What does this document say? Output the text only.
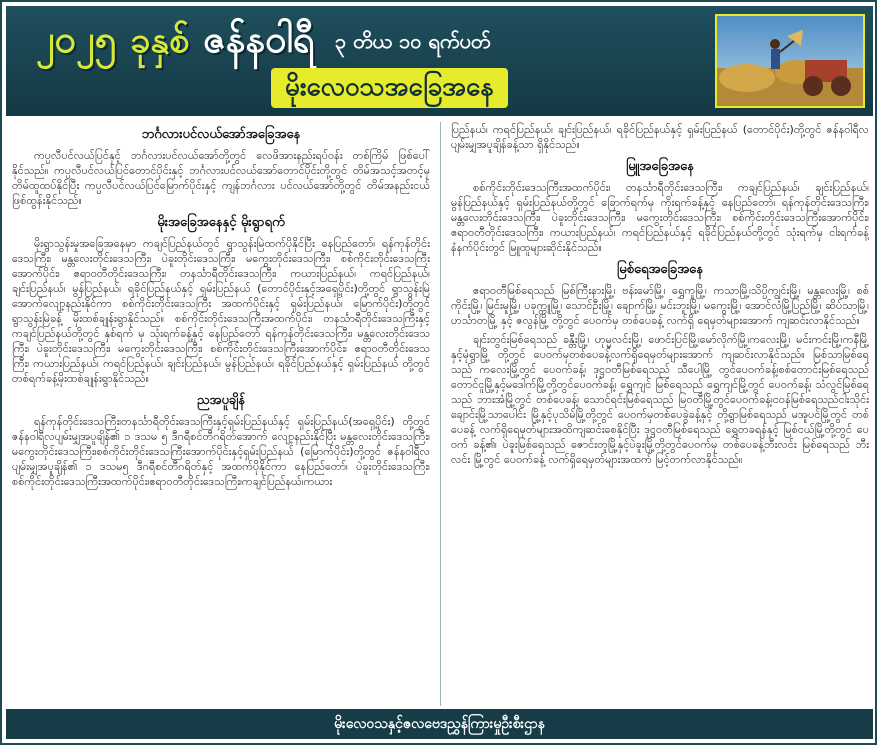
၂၀၂၅ ခုနှစ် ဇန်နဝါရီ ၃ တိယ ၁၀ ရက်ပတ်
မိုးလေဝသအခြေအနေ
ဘင်္ဂလားပင်လယ်အော်အခြေအနေ

ကပ္ပလီပင်လယ်ပြင်နှင့် ဘင်္ဂလားပင်လယ်အော်တို့တွင် လေဖိအားနည်းရပ်ဝန်း တစ်ကြိမ် ဖြစ်ပေါ်နိုင်သည်။ ကပ္ပလီပင်လယ်ပြင်တောင်ပိုင်းနှင့် ဘင်္ဂလားပင်လယ်အော်တောင်ပိုင်းတို့တွင် တိမ်အသင့်အတင့်မှတိမ်ထူထပ်နိုင်ပြီး ကပ္ပလီပင်လယ်ပြင်မြောက်ပိုင်းနှင့် ကျန်ဘင်္ဂလား ပင်လယ်အော်တို့တွင် တိမ်အနည်းငယ်ဖြစ်ထွန်းနိုင်သည်။

မိုးအခြေအနေနှင့် မိုးရွာရက်

မိုးရွာသွန်းမှုအခြေအနေမှာ ကချင်ပြည်နယ်တွင် ရွာသွန်းမြဲထက်ပိုနိုင်ပြီး နေပြည်တော်၊ ရန်ကုန်တိုင်းဒေသကြီး၊ မန္တလေးတိုင်းဒေသကြီး၊ ပဲခူးတိုင်းဒေသကြီး၊ မကွေးတိုင်းဒေသကြီး၊ စစ်ကိုင်းတိုင်းဒေသကြီးအောက်ပိုင်း၊ ဧရာဝတီတိုင်းဒေသကြီး၊ တနင်္သာရီတိုင်းဒေသကြီး၊ ကယားပြည်နယ်၊ ကရင်ပြည်နယ်၊ ချင်းပြည်နယ်၊ မွန်ပြည်နယ်၊ ရခိုင်ပြည်နယ်နှင့် ရှမ်းပြည်နယ် (တောင်ပိုင်းနှင့်အရှေ့ပိုင်း)တို့တွင် ရွာသွန်းမြဲအောက်လျော့နည်းနိုင်ကာ စစ်ကိုင်းတိုင်းဒေသကြီး အထက်ပိုင်းနှင့် ရှမ်းပြည်နယ်၊ မြောက်ပိုင်း)တို့တွင် ရွာသွန်းမြဲခန့် မိုးထစ်ချုန်းရွာနိုင်သည်။ စစ်ကိုင်းတိုင်းဒေသကြီးအထက်ပိုင်း၊ တနင်္သာရီတိုင်းဒေသကြီးနှင့်ကချင်ပြည်နယ်တို့တွင် နှစ်ရက် မှ သုံးရက်ခန့်နှင့် နေပြည်တော် ရန်ကုန်တိုင်းဒေသကြီး၊ မန္တလေးတိုင်းဒေသကြီး၊ ပဲခူးတိုင်းဒေသကြီး၊ မကွေးတိုင်းဒေသကြီး၊ စစ်ကိုင်းတိုင်းဒေသကြီးအောက်ပိုင်း၊ ဧရာဝတီတိုင်းဒေသကြီး၊ ကယားပြည်နယ်၊ ကရင်ပြည်နယ်၊ ချင်းပြည်နယ်၊ မွန်ပြည်နယ်၊ ရခိုင်ပြည်နယ်နှင့် ရှမ်းပြည်နယ် တို့တွင် တစ်ရက်ခန့်မိုးထစ်ချုန်းရွာနိုင်သည်။

ညအပူချိန်

ရန်ကုန်တိုင်းဒေသကြီး၊တနင်္သာရီတိုင်းဒေသကြီးနှင့်ရှမ်းပြည်နယ်နှင့် ရှမ်းပြည်နယ်(အရှေ့ပိုင်း) တို့တွင် ဇန်နဝါရီလပျမ်းမျှအပူချိန်၏ ၁ ဒသမ ၅ ဒီဂရီစင်တီဂရိတ်အောက် လျော့နည်းနိုင်ပြီး မန္တလေးတိုင်းဒေသကြီး၊ မကွေးတိုင်းဒေသကြီး၊စစ်ကိုင်းတိုင်းဒေသကြီးအောက်ပိုင်းနှင့်ရှမ်းပြည်နယ် (မြောက်ပိုင်း)တို့တွင် ဇန်နဝါရီလပျမ်းမျှအပူချိန်၏ ၁ ဒသမ၅ ဒီဂရီစင်တီဂရိတ်နှင့် အထက်ပိုနိုင်ကာ နေပြည်တော်၊ ပဲခူးတိုင်းဒေသကြီး၊ စစ်ကိုင်းတိုင်းဒေသကြီးအထက်ပိုင်း၊ဧရာဝတီတိုင်းဒေသကြီး၊ကချင်ပြည်နယ်၊ကယား

ပြည်နယ်၊ ကရင်ပြည်နယ်၊ ချင်းပြည်နယ်၊ ရခိုင်ပြည်နယ်နှင့် ရှမ်းပြည်နယ် (တောင်ပိုင်း)တို့တွင် ဇန်နဝါရီလပျမ်းမျှအပူချိန်ခန့်သာ ရှိနိုင်သည်။

မြူအခြေအနေ

စစ်ကိုင်းတိုင်းဒေသကြီးအထက်ပိုင်း၊ တနင်္သာရီတိုင်းဒေသကြီး၊ ကချင်ပြည်နယ်၊ ချင်းပြည်နယ်၊ မွန်ပြည်နယ်နှင့် ရှမ်းပြည်နယ်တို့တွင် ခြောက်ရက်မှ ကိုးရက်ခန့်နှင့် နေပြည်တော်၊ ရန်ကုန်တိုင်းဒေသကြီး၊ မန္တလေးတိုင်းဒေသကြီး၊ ပဲခူးတိုင်းဒေသကြီး၊ မကွေးတိုင်းဒေသကြီး၊ စစ်ကိုင်းတိုင်းဒေသကြီးအောက်ပိုင်း၊ ဧရာဝတီတိုင်းဒေသကြီး၊ ကယားပြည်နယ်၊ ကရင်ပြည်နယ်နှင့် ရခိုင်ပြည်နယ်တို့တွင် သုံးရက်မှ ငါးရက်ခန့်နံနက်ပိုင်းတွင် မြူထူများဆိုင်းနိုင်သည်။

မြစ်ရေအခြေအနေ

ဧရာဝတီမြစ်ရေသည် မြစ်ကြီးနားမြို့၊ ဗန်းမော်မြို့၊ ရွှေကူမြို့၊ ကသာမြို့၊သိပ္ပိကျွင်းမြို့၊ မန္တလေးမြို့၊ စစ်ကိုင်းမြို့၊ မြင်းမူမြို့၊ ပခုက္ကူမြို့၊ သောင်ဦးမြို့၊ ချောက်မြို့၊ မင်းဘူးမြို့၊ မကွေးမြို့၊ အောင်လံမြို့ပြည်မြို့၊ ဆိပ်သာမြို့၊ ဟင်္သာတမြို့ နှင့် ဇလွန်မြို့ တို့တွင် ပေဝက်မှ တစ်ပေခန့် လက်ရှိ ရေမှတ်များအောက် ကျဆင်းလာနိုင်သည်။

ချင်းတွင်းမြစ်ရေသည် ခန္တီးမြို့၊ ဟုမ္မလင်းမြို့၊ ဖောင်းပြင်မြို့၊မော်လိုက်မြို့၊ကလေးမြို့၊ မင်းကင်းမြို့၊ကနီမြို့နှင့်မုံရွာမြို့ တို့တွင် ပေဝက်မှတစ်ပေခန့်လက်ရှိရေမှတ်များအောက် ကျဆင်းလာနိုင်သည်။ မြစ်သာမြစ်ရေသည် ကလေးမြို့တွင် ပေဝက်ခန့်၊ ဒုဋ္ဌဝတီမြစ်ရေသည် သီပေါမြို့ တွင်ပေဝက်ခန့်၊စစ်တောင်းမြစ်ရေသည် တောင်ငူမြို့နှင့်မဒေါက်မြို့တို့တွင်ပေဝက်ခန့်၊ ရွှေကျင် မြစ်ရေသည် ရွှေကျင်မြို့တွင် ပေဝက်ခန့်၊ သံလွင်မြစ်ရေသည် ဘားအံမြို့တွင် တစ်ပေခန့်၊ သောင်ရင်းမြစ်ရေသည် မြဝတီမြို့တွင်ပေဝက်ခန့်၊ငဝန်မြစ်ရေသည်ငါးသိုင်းချောင်းမြို့သာပေါင်း မြို့နှင့်ပုသိမ်မြို့တို့တွင် ပေဝက်မှတစ်ပေခွဲခန့်နှင့် တို့ရွာမြစ်ရေသည် မအူပင်မြို့တွင် တစ်ပေခန့် လက်ရှိရေမှတ်များအထိကျဆင်းစေနိုင်ပြီး ဒုဋ္ဌဝတီမြစ်ရေသည် ရွှေတခရန်နှင့် မြစ်ငယ်မြို့တို့တွင် ပေဝက် ခန့်၏၊ ပဲခူးမြစ်ရေသည် ဇောင်းတူမြို့နှင့်ပဲခူးမြို့တို့တွင်ပေဝက်မှ တစ်ပေခန့်ဘီးလင်း မြစ်ရေသည် ဘီးလင်း မြို့တွင် ပေဝက်ခန့် လက်ရှိရေမှတ်များအထက် မြင့်တက်လာနိုင်သည်။

မိုးလေဝသနှင့်ဇလဗေဒညွှန်ကြားမှုဦးစီးဌာန
